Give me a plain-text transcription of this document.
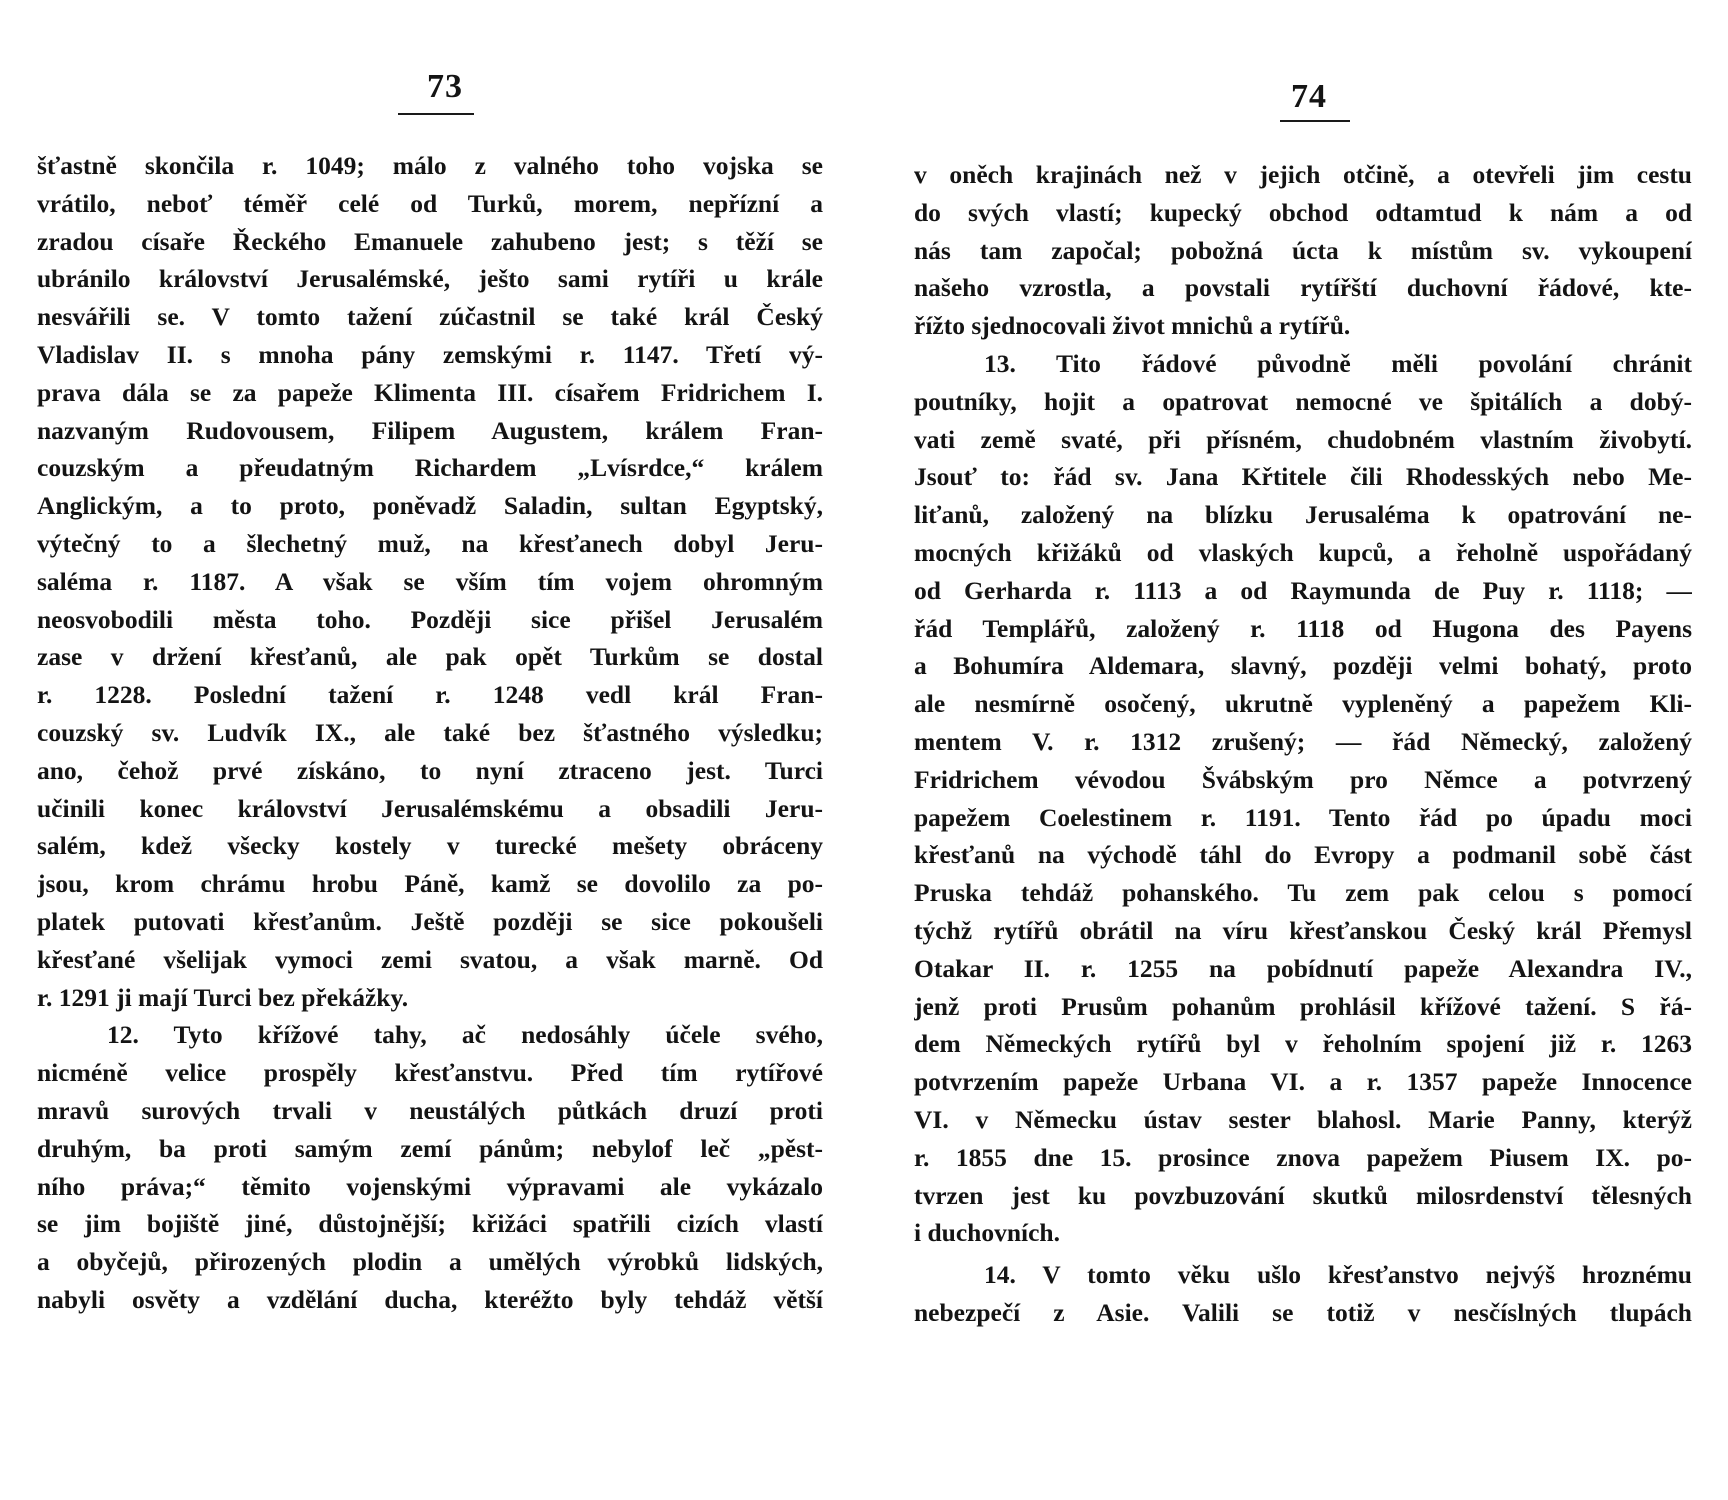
73
šťastně skončila r. 1049; málo z valného toho vojska se
vrátilo, neboť téměř celé od Turků, morem, nepřízní a
zradou císaře Řeckého Emanuele zahubeno jest; s těží se
ubránilo království Jerusalémské, ješto sami rytíři u krále
nesvářili se. V tomto tažení zúčastnil se také král Český
Vladislav II. s mnoha pány zemskými r. 1147. Třetí vý-
prava dála se za papeže Klimenta III. císařem Fridrichem I.
nazvaným Rudovousem, Filipem Augustem, králem Fran-
couzským a přeudatným Richardem „Lvísrdce,“ králem
Anglickým, a to proto, poněvadž Saladin, sultan Egyptský,
výtečný to a šlechetný muž, na křesťanech dobyl Jeru-
saléma r. 1187. A však se vším tím vojem ohromným
neosvobodili města toho. Později sice přišel Jerusalém
zase v držení křesťanů, ale pak opět Turkům se dostal
r. 1228. Poslední tažení r. 1248 vedl král Fran-
couzský sv. Ludvík IX., ale také bez šťastného výsledku;
ano, čehož prvé získáno, to nyní ztraceno jest. Turci
učinili konec království Jerusalémskému a obsadili Jeru-
salém, kdež všecky kostely v turecké mešety obráceny
jsou, krom chrámu hrobu Páně, kamž se dovolilo za po-
platek putovati křesťanům. Ještě později se sice pokoušeli
křesťané všelijak vymoci zemi svatou, a však marně. Od
r. 1291 ji mají Turci bez překážky.
12. Tyto křížové tahy, ač nedosáhly účele svého,
nicméně velice prospěly křesťanstvu. Před tím rytířové
mravů surových trvali v neustálých půtkách druzí proti
druhým, ba proti samým zemí pánům; nebylof leč „pěst-
ního práva;“ těmito vojenskými výpravami ale vykázalo
se jim bojiště jiné, důstojnější; křižáci spatřili cizích vlastí
a obyčejů, přirozených plodin a umělých výrobků lidských,
nabyli osvěty a vzdělání ducha, kteréžto byly tehdáž větší
74
v oněch krajinách než v jejich otčině, a otevřeli jim cestu
do svých vlastí; kupecký obchod odtamtud k nám a od
nás tam započal; pobožná úcta k místům sv. vykoupení
našeho vzrostla, a povstali rytířští duchovní řádové, kte-
řížto sjednocovali život mnichů a rytířů.
13. Tito řádové původně měli povolání chránit
poutníky, hojit a opatrovat nemocné ve špitálích a dobý-
vati země svaté, při přísném, chudobném vlastním živobytí.
Jsouť to: řád sv. Jana Křtitele čili Rhodesských nebo Me-
liťanů, založený na blízku Jerusaléma k opatrování ne-
mocných křižáků od vlaských kupců, a řeholně uspořádaný
od Gerharda r. 1113 a od Raymunda de Puy r. 1118; —
řád Templářů, založený r. 1118 od Hugona des Payens
a Bohumíra Aldemara, slavný, později velmi bohatý, proto
ale nesmírně osočený, ukrutně vypleněný a papežem Kli-
mentem V. r. 1312 zrušený; — řád Německý, založený
Fridrichem vévodou Švábským pro Němce a potvrzený
papežem Coelestinem r. 1191. Tento řád po úpadu moci
křesťanů na východě táhl do Evropy a podmanil sobě část
Pruska tehdáž pohanského. Tu zem pak celou s pomocí
týchž rytířů obrátil na víru křesťanskou Český král Přemysl
Otakar II. r. 1255 na pobídnutí papeže Alexandra IV.,
jenž proti Prusům pohanům prohlásil křížové tažení. S řá-
dem Německých rytířů byl v řeholním spojení již r. 1263
potvrzením papeže Urbana VI. a r. 1357 papeže Innocence
VI. v Německu ústav sester blahosl. Marie Panny, kterýž
r. 1855 dne 15. prosince znova papežem Piusem IX. po-
tvrzen jest ku povzbuzování skutků milosrdenství tělesných
i duchovních.
14. V tomto věku ušlo křesťanstvo nejvýš hroznému
nebezpečí z Asie. Valili se totiž v nesčíslných tlupách
